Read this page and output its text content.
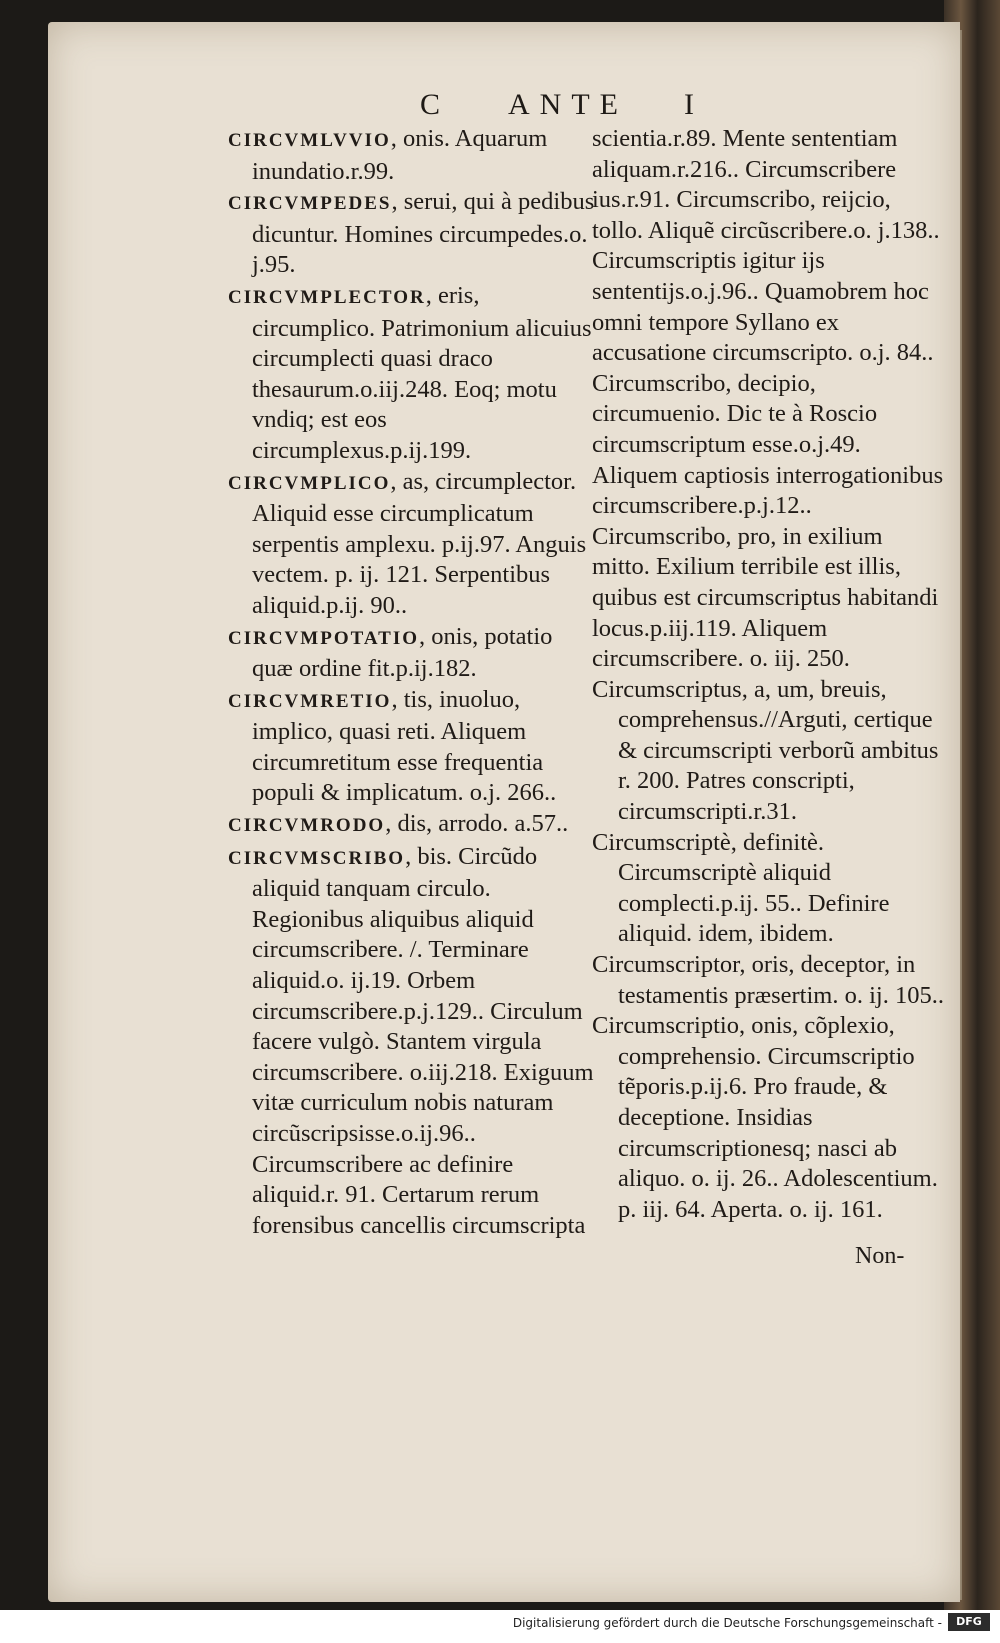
C ANTE I

CIRCVMLVVIO, onis. Aquarum inundatio.r.99.

CIRCVMPEDES, serui, qui à pedibus dicuntur. Homines circumpedes.o. j.95.

CIRCVMPLECTOR, eris, circumplico. Patrimonium alicuius circumplecti quasi draco thesaurum.o.iij.248. Eoq; motu vndiq; est eos circumplexus.p.ij.199.

CIRCVMPLICO, as, circumplector. Aliquid esse circumplicatum serpentis amplexu. p.ij.97. Anguis vectem. p. ij. 121. Serpentibus aliquid.p.ij. 90..

CIRCVMPOTATIO, onis, potatio quæ ordine fit.p.ij.182.

CIRCVMRETIO, tis, inuoluo, implico, quasi reti. Aliquem circumretitum esse frequentia populi & implicatum. o.j. 266..

CIRCVMRODO, dis, arrodo. a.57..

CIRCVMSCRIBO, bis. Circũdo aliquid tanquam circulo. Regionibus aliquibus aliquid circumscribere. /. Terminare aliquid.o. ij.19. Orbem circumscribere.p.j.129.. Circulum facere vulgò. Stantem virgula circumscribere. o.iij.218. Exiguum vitæ curriculum nobis naturam circũscripsisse.o.ij.96.. Circumscribere ac definire aliquid.r. 91. Certarum rerum forensibus cancellis circumscripta

scientia.r.89. Mente sententiam aliquam.r.216.. Circumscribere ius.r.91. Circumscribo, reijcio, tollo. Aliquẽ circũscribere.o. j.138.. Circumscriptis igitur ijs sententijs.o.j.96.. Quamobrem hoc omni tempore Syllano ex accusatione circumscripto. o.j. 84.. Circumscribo, decipio, circumuenio. Dic te à Roscio circumscriptum esse.o.j.49. Aliquem captiosis interrogationibus circumscribere.p.j.12.. Circumscribo, pro, in exilium mitto. Exilium terribile est illis, quibus est circumscriptus habitandi locus.p.iij.119. Aliquem circumscribere. o. iij. 250.

Circumscriptus, a, um, breuis, comprehensus.//Arguti, certique & circumscripti verborũ ambitus r. 200. Patres conscripti, circumscripti.r.31.

Circumscriptè, definitè. Circumscriptè aliquid complecti.p.ij. 55.. Definire aliquid. idem, ibidem.

Circumscriptor, oris, deceptor, in testamentis præsertim. o. ij. 105..

Circumscriptio, onis, cõplexio, comprehensio. Circumscriptio tẽporis.p.ij.6. Pro fraude, & deceptione. Insidias circumscriptionesq; nasci ab aliquo. o. ij. 26.. Adolescentium. p. iij. 64. Aperta. o. ij. 161.

Non-
Digitalisierung gefördert durch die Deutsche Forschungsgemeinschaft -	DFG
